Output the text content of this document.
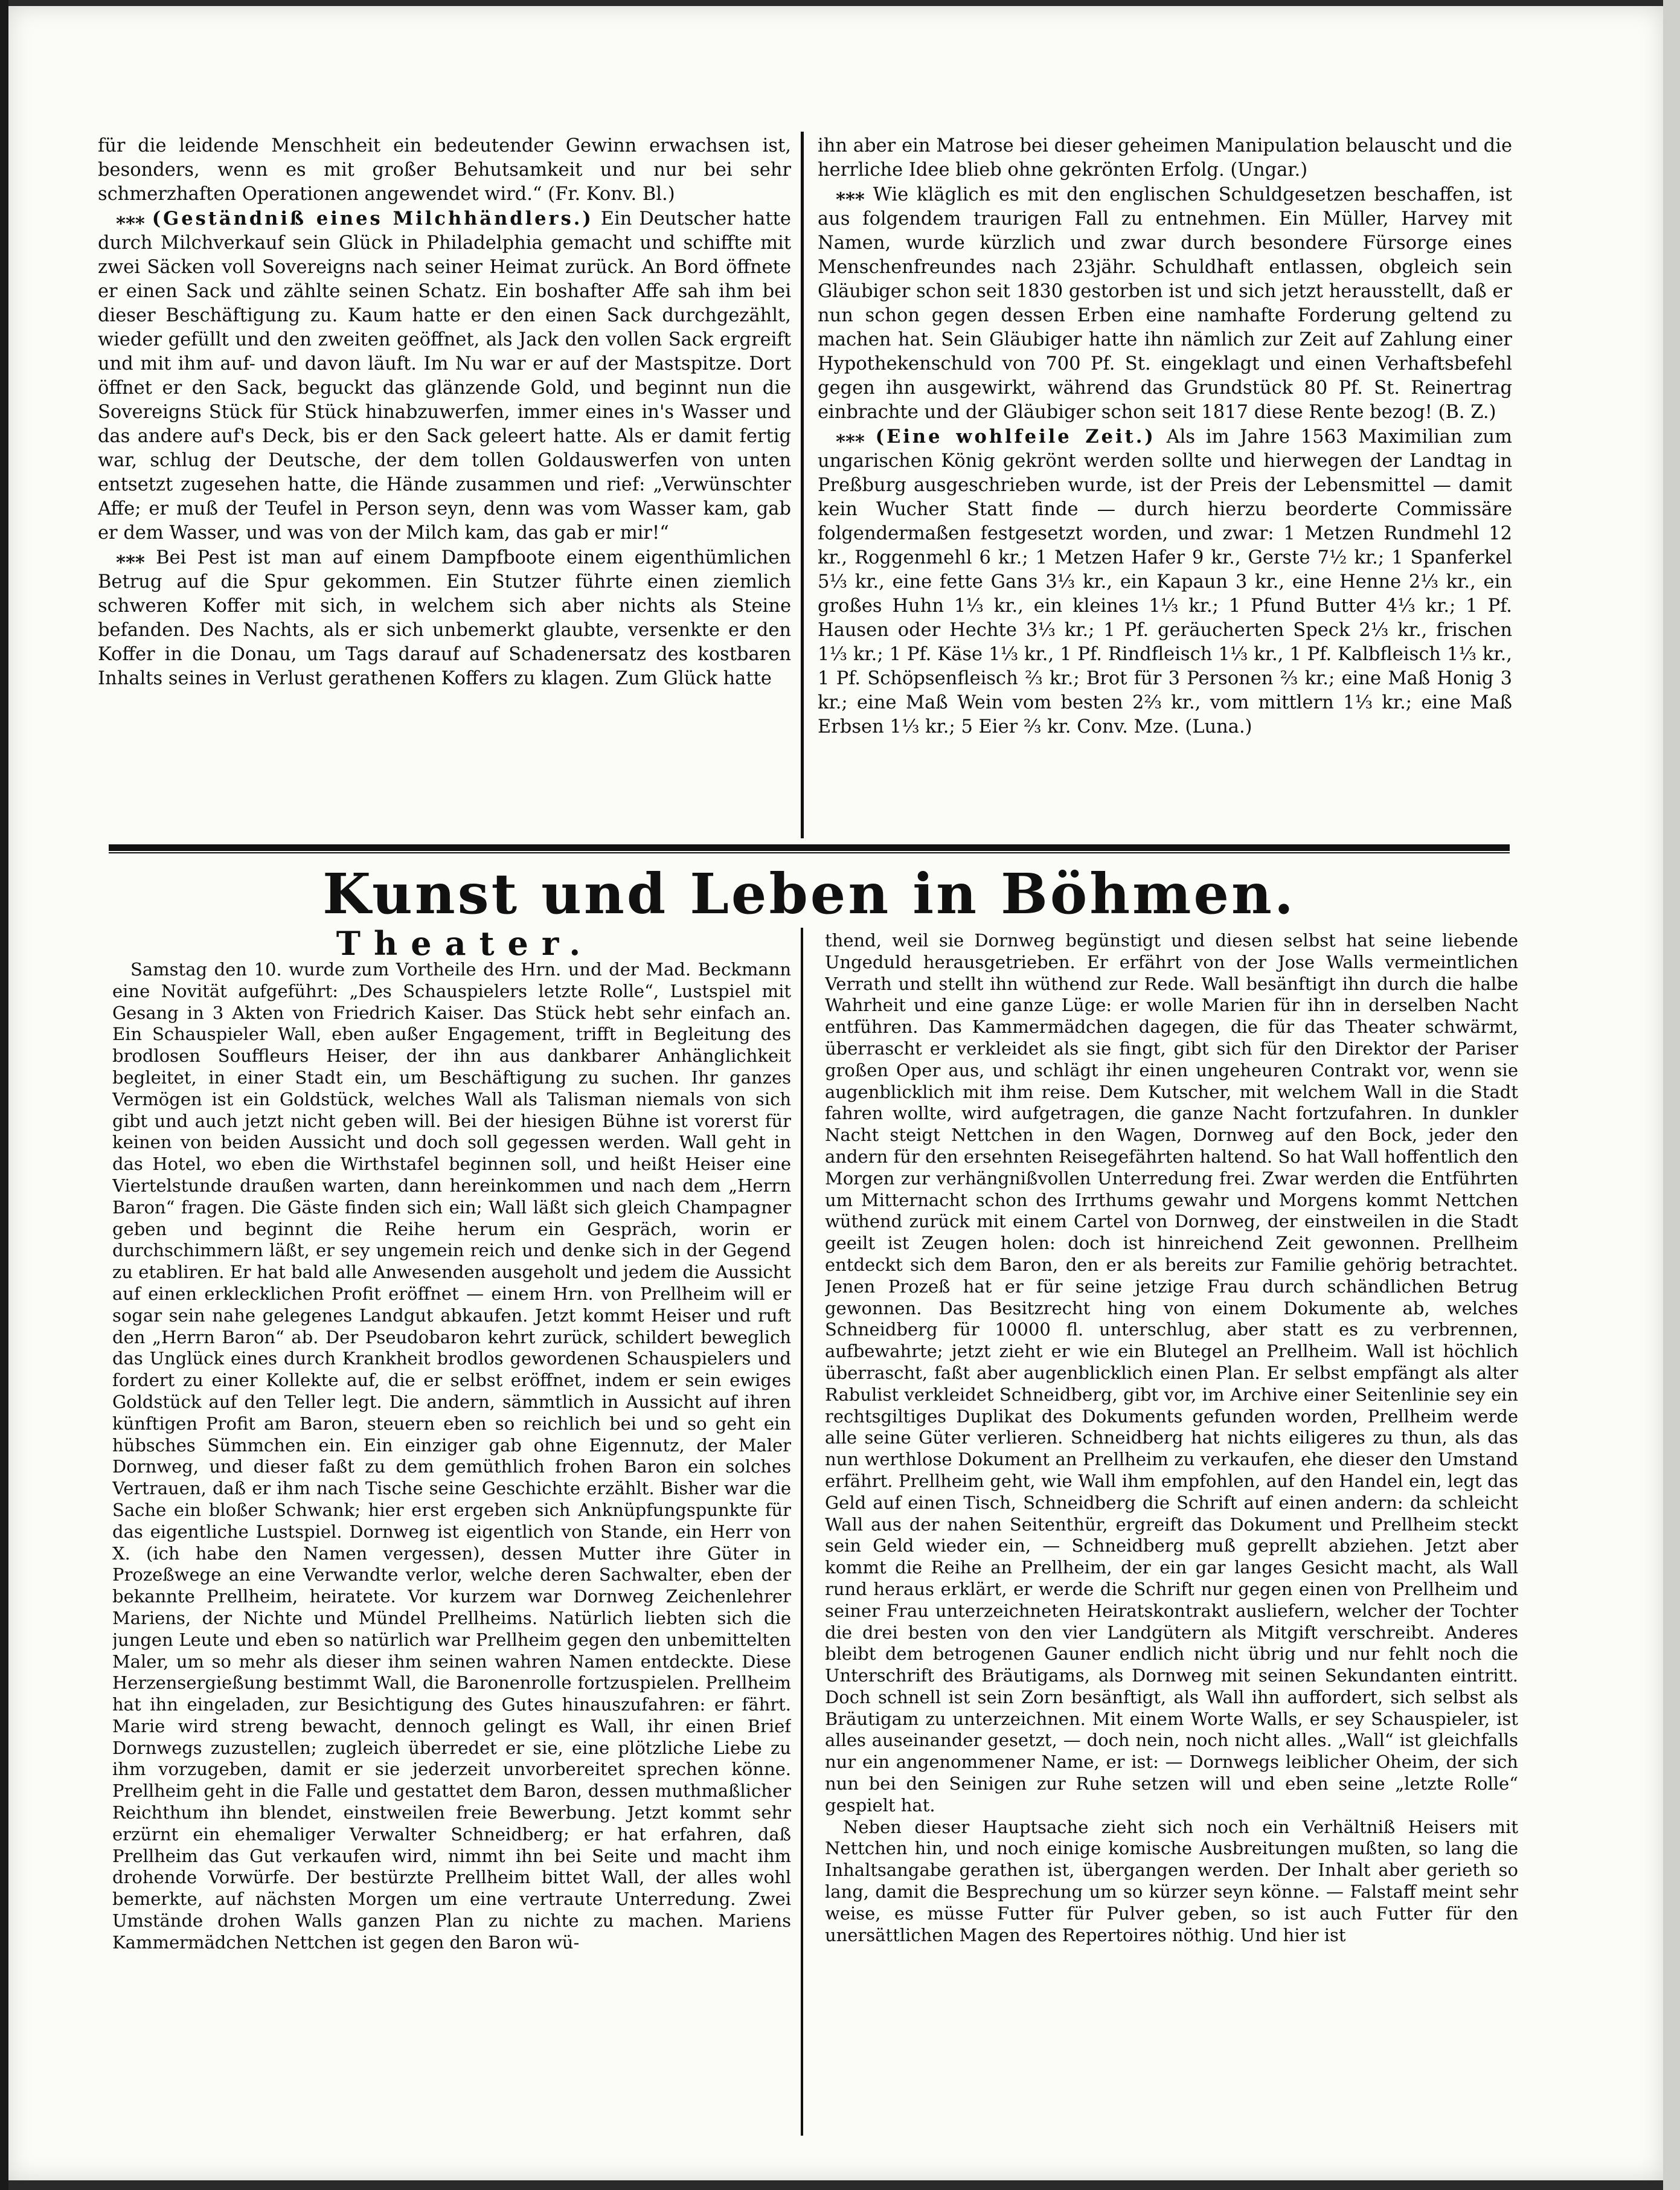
für die leidende Menschheit ein bedeutender Gewinn erwachsen ist, besonders, wenn es mit großer Behutsamkeit und nur bei sehr schmerzhaften Operationen angewendet wird.“ (Fr. Konv. Bl.)

⁎⁎⁎ (Geständniß eines Milchhändlers.) Ein Deutscher hatte durch Milchverkauf sein Glück in Philadelphia gemacht und schiffte mit zwei Säcken voll Sovereigns nach seiner Heimat zurück. An Bord öffnete er einen Sack und zählte seinen Schatz. Ein boshafter Affe sah ihm bei dieser Beschäftigung zu. Kaum hatte er den einen Sack durchgezählt, wieder gefüllt und den zweiten geöffnet, als Jack den vollen Sack ergreift und mit ihm auf- und davon läuft. Im Nu war er auf der Mastspitze. Dort öffnet er den Sack, beguckt das glänzende Gold, und beginnt nun die Sovereigns Stück für Stück hinabzuwerfen, immer eines in's Wasser und das andere auf's Deck, bis er den Sack geleert hatte. Als er damit fertig war, schlug der Deutsche, der dem tollen Goldauswerfen von unten entsetzt zugesehen hatte, die Hände zusammen und rief: „Verwünschter Affe; er muß der Teufel in Person seyn, denn was vom Wasser kam, gab er dem Wasser, und was von der Milch kam, das gab er mir!“

⁎⁎⁎ Bei Pest ist man auf einem Dampfboote einem eigenthümlichen Betrug auf die Spur gekommen. Ein Stutzer führte einen ziemlich schweren Koffer mit sich, in welchem sich aber nichts als Steine befanden. Des Nachts, als er sich unbemerkt glaubte, versenkte er den Koffer in die Donau, um Tags darauf auf Schadenersatz des kostbaren Inhalts seines in Verlust gerathenen Koffers zu klagen. Zum Glück hatte

ihn aber ein Matrose bei dieser geheimen Manipulation belauscht und die herrliche Idee blieb ohne gekrönten Erfolg. (Ungar.)

⁎⁎⁎ Wie kläglich es mit den englischen Schuldgesetzen beschaffen, ist aus folgendem traurigen Fall zu entnehmen. Ein Müller, Harvey mit Namen, wurde kürzlich und zwar durch besondere Fürsorge eines Menschenfreundes nach 23jähr. Schuldhaft entlassen, obgleich sein Gläubiger schon seit 1830 gestorben ist und sich jetzt herausstellt, daß er nun schon gegen dessen Erben eine namhafte Forderung geltend zu machen hat. Sein Gläubiger hatte ihn nämlich zur Zeit auf Zahlung einer Hypothekenschuld von 700 Pf. St. eingeklagt und einen Verhaftsbefehl gegen ihn ausgewirkt, während das Grundstück 80 Pf. St. Reinertrag einbrachte und der Gläubiger schon seit 1817 diese Rente bezog! (B. Z.)

⁎⁎⁎ (Eine wohlfeile Zeit.) Als im Jahre 1563 Maximilian zum ungarischen König gekrönt werden sollte und hierwegen der Landtag in Preßburg ausgeschrieben wurde, ist der Preis der Lebensmittel — damit kein Wucher Statt finde — durch hierzu beorderte Commissäre folgendermaßen festgesetzt worden, und zwar: 1 Metzen Rundmehl 12 kr., Roggenmehl 6 kr.; 1 Metzen Hafer 9 kr., Gerste 7½ kr.; 1 Spanferkel 5⅓ kr., eine fette Gans 3⅓ kr., ein Kapaun 3 kr., eine Henne 2⅓ kr., ein großes Huhn 1⅓ kr., ein kleines 1⅓ kr.; 1 Pfund Butter 4⅓ kr.; 1 Pf. Hausen oder Hechte 3⅓ kr.; 1 Pf. geräucherten Speck 2⅓ kr., frischen 1⅓ kr.; 1 Pf. Käse 1⅓ kr., 1 Pf. Rindfleisch 1⅓ kr., 1 Pf. Kalbfleisch 1⅓ kr., 1 Pf. Schöpsenfleisch ⅔ kr.; Brot für 3 Personen ⅔ kr.; eine Maß Honig 3 kr.; eine Maß Wein vom besten 2⅔ kr., vom mittlern 1⅓ kr.; eine Maß Erbsen 1⅓ kr.; 5 Eier ⅔ kr. Conv. Mze. (Luna.)

Kunst und Leben in Böhmen.
Theater.

Samstag den 10. wurde zum Vortheile des Hrn. und der Mad. Beckmann eine Novität aufgeführt: „Des Schauspielers letzte Rolle“, Lustspiel mit Gesang in 3 Akten von Friedrich Kaiser. Das Stück hebt sehr einfach an. Ein Schauspieler Wall, eben außer Engagement, trifft in Begleitung des brodlosen Souffleurs Heiser, der ihn aus dankbarer Anhänglichkeit begleitet, in einer Stadt ein, um Beschäftigung zu suchen. Ihr ganzes Vermögen ist ein Goldstück, welches Wall als Talisman niemals von sich gibt und auch jetzt nicht geben will. Bei der hiesigen Bühne ist vorerst für keinen von beiden Aussicht und doch soll gegessen werden. Wall geht in das Hotel, wo eben die Wirthstafel beginnen soll, und heißt Heiser eine Viertelstunde draußen warten, dann hereinkommen und nach dem „Herrn Baron“ fragen. Die Gäste finden sich ein; Wall läßt sich gleich Champagner geben und beginnt die Reihe herum ein Gespräch, worin er durchschimmern läßt, er sey ungemein reich und denke sich in der Gegend zu etabliren. Er hat bald alle Anwesenden ausgeholt und jedem die Aussicht auf einen erklecklichen Profit eröffnet — einem Hrn. von Prellheim will er sogar sein nahe gelegenes Landgut abkaufen. Jetzt kommt Heiser und ruft den „Herrn Baron“ ab. Der Pseudobaron kehrt zurück, schildert beweglich das Unglück eines durch Krankheit brodlos gewordenen Schauspielers und fordert zu einer Kollekte auf, die er selbst eröffnet, indem er sein ewiges Goldstück auf den Teller legt. Die andern, sämmtlich in Aussicht auf ihren künftigen Profit am Baron, steuern eben so reichlich bei und so geht ein hübsches Sümmchen ein. Ein einziger gab ohne Eigennutz, der Maler Dornweg, und dieser faßt zu dem gemüthlich frohen Baron ein solches Vertrauen, daß er ihm nach Tische seine Geschichte erzählt. Bisher war die Sache ein bloßer Schwank; hier erst ergeben sich Anknüpfungspunkte für das eigentliche Lustspiel. Dornweg ist eigentlich von Stande, ein Herr von X. (ich habe den Namen vergessen), dessen Mutter ihre Güter in Prozeßwege an eine Verwandte verlor, welche deren Sachwalter, eben der bekannte Prellheim, heiratete. Vor kurzem war Dornweg Zeichenlehrer Mariens, der Nichte und Mündel Prellheims. Natürlich liebten sich die jungen Leute und eben so natürlich war Prellheim gegen den unbemittelten Maler, um so mehr als dieser ihm seinen wahren Namen entdeckte. Diese Herzensergießung bestimmt Wall, die Baronenrolle fortzuspielen. Prellheim hat ihn eingeladen, zur Besichtigung des Gutes hinauszufahren: er fährt. Marie wird streng bewacht, dennoch gelingt es Wall, ihr einen Brief Dornwegs zuzustellen; zugleich überredet er sie, eine plötzliche Liebe zu ihm vorzugeben, damit er sie jederzeit unvorbereitet sprechen könne. Prellheim geht in die Falle und gestattet dem Baron, dessen muthmaßlicher Reichthum ihn blendet, einstweilen freie Bewerbung. Jetzt kommt sehr erzürnt ein ehemaliger Verwalter Schneidberg; er hat erfahren, daß Prellheim das Gut verkaufen wird, nimmt ihn bei Seite und macht ihm drohende Vorwürfe. Der bestürzte Prellheim bittet Wall, der alles wohl bemerkte, auf nächsten Morgen um eine vertraute Unterredung. Zwei Umstände drohen Walls ganzen Plan zu nichte zu machen. Mariens Kammermädchen Nettchen ist gegen den Baron wü-

thend, weil sie Dornweg begünstigt und diesen selbst hat seine liebende Ungeduld herausgetrieben. Er erfährt von der Jose Walls vermeintlichen Verrath und stellt ihn wüthend zur Rede. Wall besänftigt ihn durch die halbe Wahrheit und eine ganze Lüge: er wolle Marien für ihn in derselben Nacht entführen. Das Kammermädchen dagegen, die für das Theater schwärmt, überrascht er verkleidet als sie fingt, gibt sich für den Direktor der Pariser großen Oper aus, und schlägt ihr einen ungeheuren Contrakt vor, wenn sie augenblicklich mit ihm reise. Dem Kutscher, mit welchem Wall in die Stadt fahren wollte, wird aufgetragen, die ganze Nacht fortzufahren. In dunkler Nacht steigt Nettchen in den Wagen, Dornweg auf den Bock, jeder den andern für den ersehnten Reisegefährten haltend. So hat Wall hoffentlich den Morgen zur verhängnißvollen Unterredung frei. Zwar werden die Entführten um Mitternacht schon des Irrthums gewahr und Morgens kommt Nettchen wüthend zurück mit einem Cartel von Dornweg, der einstweilen in die Stadt geeilt ist Zeugen holen: doch ist hinreichend Zeit gewonnen. Prellheim entdeckt sich dem Baron, den er als bereits zur Familie gehörig betrachtet. Jenen Prozeß hat er für seine jetzige Frau durch schändlichen Betrug gewonnen. Das Besitzrecht hing von einem Dokumente ab, welches Schneidberg für 10000 fl. unterschlug, aber statt es zu verbrennen, aufbewahrte; jetzt zieht er wie ein Blutegel an Prellheim. Wall ist höchlich überrascht, faßt aber augenblicklich einen Plan. Er selbst empfängt als alter Rabulist verkleidet Schneidberg, gibt vor, im Archive einer Seitenlinie sey ein rechtsgiltiges Duplikat des Dokuments gefunden worden, Prellheim werde alle seine Güter verlieren. Schneidberg hat nichts eiligeres zu thun, als das nun werthlose Dokument an Prellheim zu verkaufen, ehe dieser den Umstand erfährt. Prellheim geht, wie Wall ihm empfohlen, auf den Handel ein, legt das Geld auf einen Tisch, Schneidberg die Schrift auf einen andern: da schleicht Wall aus der nahen Seitenthür, ergreift das Dokument und Prellheim steckt sein Geld wieder ein, — Schneidberg muß geprellt abziehen. Jetzt aber kommt die Reihe an Prellheim, der ein gar langes Gesicht macht, als Wall rund heraus erklärt, er werde die Schrift nur gegen einen von Prellheim und seiner Frau unterzeichneten Heiratskontrakt ausliefern, welcher der Tochter die drei besten von den vier Landgütern als Mitgift verschreibt. Anderes bleibt dem betrogenen Gauner endlich nicht übrig und nur fehlt noch die Unterschrift des Bräutigams, als Dornweg mit seinen Sekundanten eintritt. Doch schnell ist sein Zorn besänftigt, als Wall ihn auffordert, sich selbst als Bräutigam zu unterzeichnen. Mit einem Worte Walls, er sey Schauspieler, ist alles auseinander gesetzt, — doch nein, noch nicht alles. „Wall“ ist gleichfalls nur ein angenommener Name, er ist: — Dornwegs leiblicher Oheim, der sich nun bei den Seinigen zur Ruhe setzen will und eben seine „letzte Rolle“ gespielt hat.

Neben dieser Hauptsache zieht sich noch ein Verhältniß Heisers mit Nettchen hin, und noch einige komische Ausbreitungen mußten, so lang die Inhaltsangabe gerathen ist, übergangen werden. Der Inhalt aber gerieth so lang, damit die Besprechung um so kürzer seyn könne. — Falstaff meint sehr weise, es müsse Futter für Pulver geben, so ist auch Futter für den unersättlichen Magen des Repertoires nöthig. Und hier ist
